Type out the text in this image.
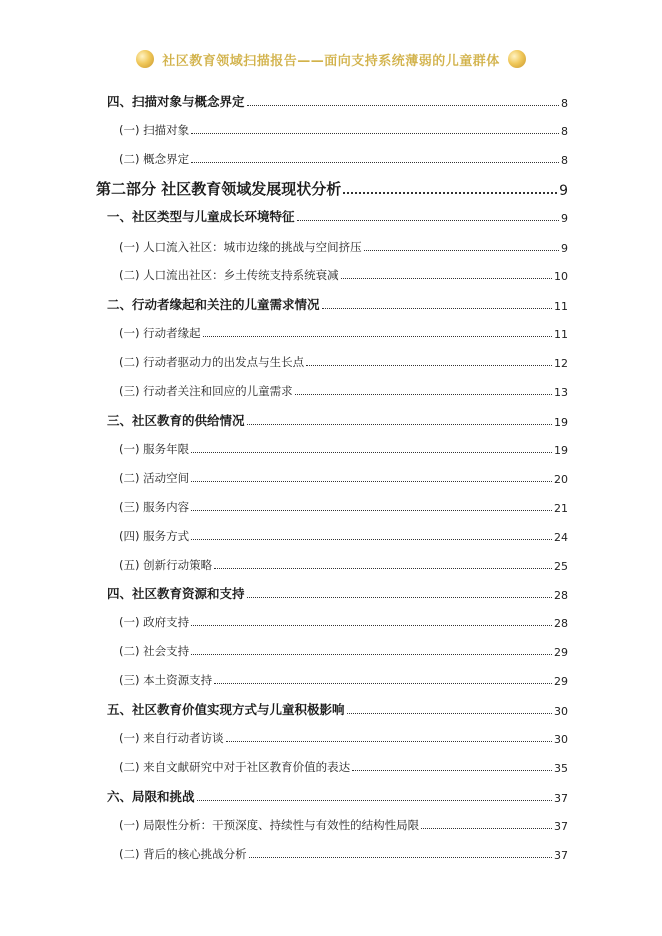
社区教育领域扫描报告——面向支持系统薄弱的儿童群体
四、扫描对象与概念界定	8
(一) 扫描对象	8
(二) 概念界定	8
第二部分 社区教育领域发展现状分析	9
一、社区类型与儿童成长环境特征	9
(一) 人口流入社区：城市边缘的挑战与空间挤压	9
(二) 人口流出社区：乡土传统支持系统衰减	10
二、行动者缘起和关注的儿童需求情况	11
(一) 行动者缘起	11
(二) 行动者驱动力的出发点与生长点	12
(三) 行动者关注和回应的儿童需求	13
三、社区教育的供给情况	19
(一) 服务年限	19
(二) 活动空间	20
(三) 服务内容	21
(四) 服务方式	24
(五) 创新行动策略	25
四、社区教育资源和支持	28
(一) 政府支持	28
(二) 社会支持	29
(三) 本土资源支持	29
五、社区教育价值实现方式与儿童积极影响	30
(一) 来自行动者访谈	30
(二) 来自文献研究中对于社区教育价值的表达	35
六、局限和挑战	37
(一) 局限性分析：干预深度、持续性与有效性的结构性局限	37
(二) 背后的核心挑战分析	37
